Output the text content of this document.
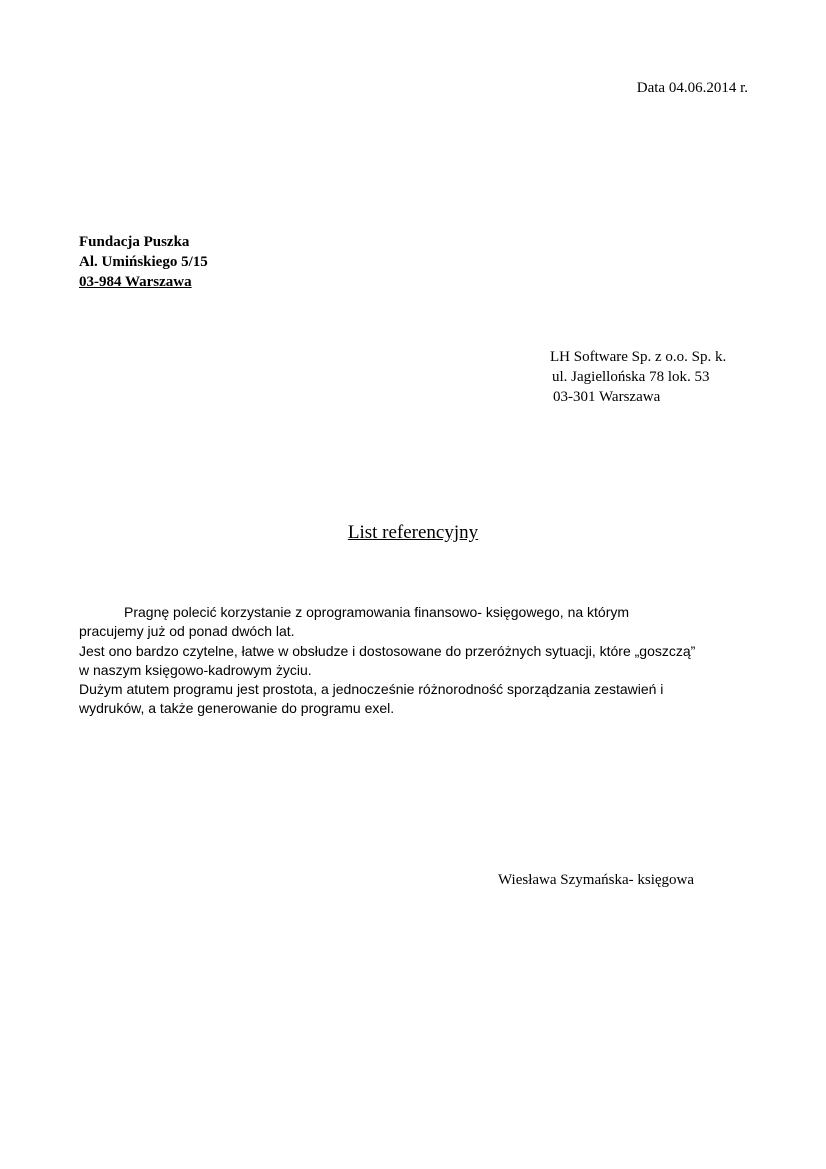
Data 04.06.2014 r.
Fundacja Puszka
Al. Umińskiego 5/15
03-984 Warszawa
LH Software Sp. z o.o. Sp. k.
ul. Jagiellońska 78 lok. 53
03-301 Warszawa
List referencyjny
Pragnę polecić korzystanie z oprogramowania finansowo- księgowego, na którym
pracujemy już od ponad dwóch lat.
Jest ono bardzo czytelne, łatwe w obsłudze i dostosowane do przeróżnych sytuacji, które „goszczą”
w naszym księgowo-kadrowym życiu.
Dużym atutem programu jest prostota, a jednocześnie różnorodność sporządzania zestawień i
wydruków, a także generowanie do programu exel.
Wiesława Szymańska- księgowa
